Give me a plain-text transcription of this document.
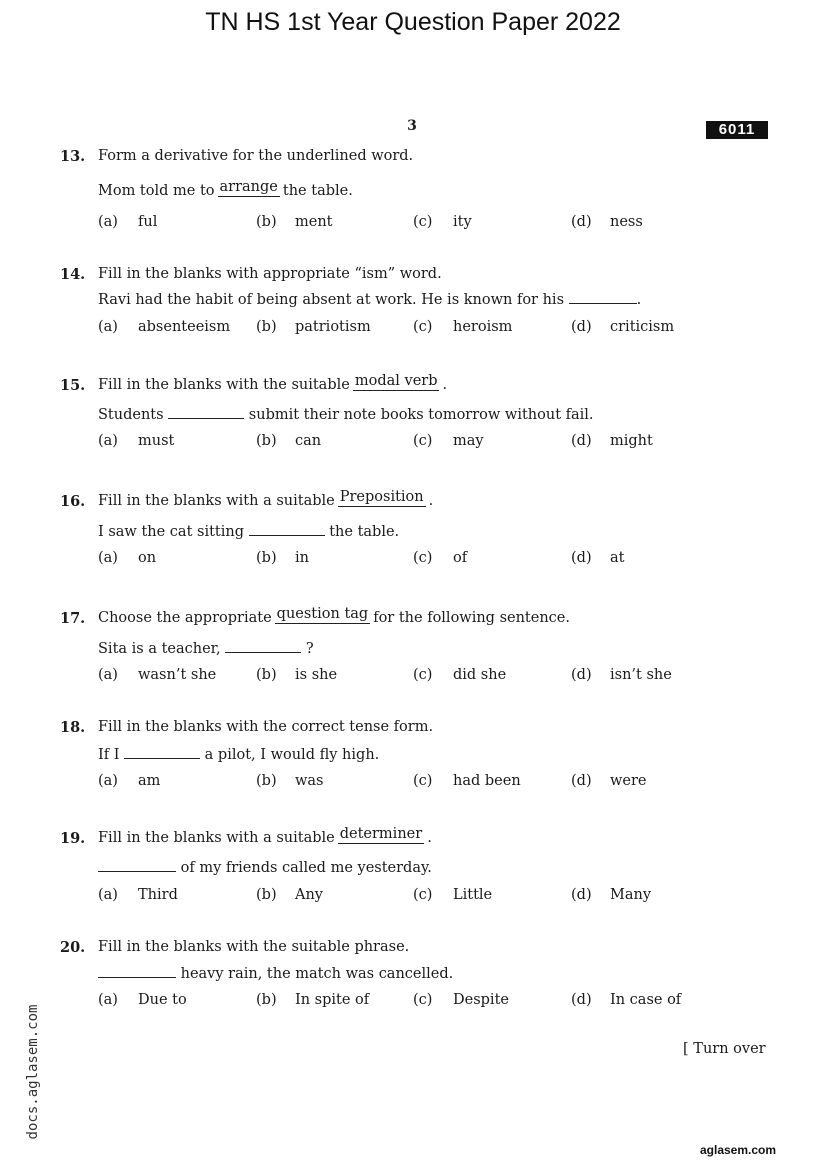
TN HS 1st Year Question Paper 2022
3	6011
13. Form a derivative for the underlined word.
Mom told me to arrange the table.
(a) ful	(b) ment	(c) ity	(d) ness
14. Fill in the blanks with appropriate “ism” word.
Ravi had the habit of being absent at work. He is known for his	.
(a) absenteeism (b) patriotism	(c) heroism	(d) criticism
15. Fill in the blanks with the suitable modal verb .
Students	submit their note books tomorrow without fail.
(a) must	(b) can	(c) may	(d) might
16. Fill in the blanks with a suitable Preposition .
I saw the cat sitting	the table.
(a) on	(b) in	(c) of	(d) at
17. Choose the appropriate question tag for the following sentence.
Sita is a teacher,	?
(a) wasn’t she	(b) is she	(c) did she	(d) isn’t she
18. Fill in the blanks with the correct tense form.
If I	a pilot, I would fly high.
(a) am	(b) was	(c) had been	(d) were
19. Fill in the blanks with a suitable determiner .
of my friends called me yesterday.
(a) Third	(b) Any	(c) Little	(d) Many
20. Fill in the blanks with the suitable phrase.
heavy rain, the match was cancelled.
(a) Due to	(b) In spite of	(c) Despite	(d) In case of
[ Turn over
docs.aglasem.com
aglasem.com
